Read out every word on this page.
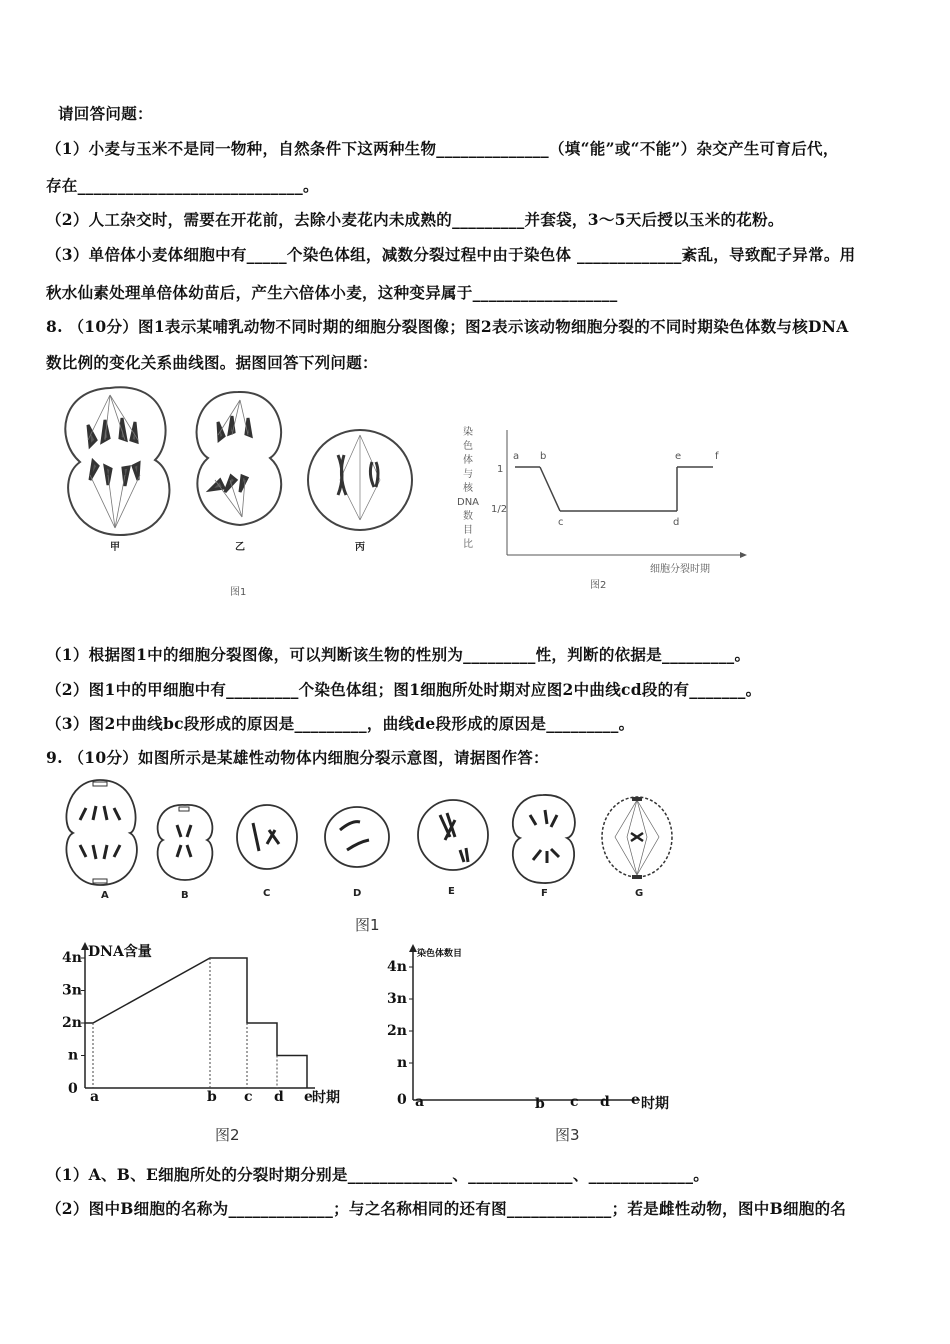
请回答问题：
（1）小麦与玉米不是同一物种，自然条件下这两种生物______________（填“能”或“不能”）杂交产生可育后代，
存在____________________________。
（2）人工杂交时，需要在开花前，去除小麦花内未成熟的_________并套袋，3～5天后授以玉米的花粉。
（3）单倍体小麦体细胞中有_____个染色体组，减数分裂过程中由于染色体 _____________紊乱，导致配子异常。用
秋水仙素处理单倍体幼苗后，产生六倍体小麦，这种变异属于__________________
8. （10分）图1表示某哺乳动物不同时期的细胞分裂图像；图2表示该动物细胞分裂的不同时期染色体数与核DNA
数比例的变化关系曲线图。据图回答下列问题：
甲	乙	丙
图1
染
色
体
与
核
DNA
数
目
比
1
1/2
a b
c	d
e	f
细胞分裂时期
图2
（1）根据图1中的细胞分裂图像，可以判断该生物的性别为_________性，判断的依据是_________。
（2）图1中的甲细胞中有_________个染色体组；图1细胞所处时期对应图2中曲线cd段的有_______。
（3）图2中曲线bc段形成的原因是_________，曲线de段形成的原因是_________。
9. （10分）如图所示是某雄性动物体内细胞分裂示意图，请据图作答：
A	B	C	D	E	F	G
图1
DNA含量
4n
3n
2n
n
0 a	b c d e 时期
图2
染色体数目
4n
3n
2n
n
0 a	b c d e 时期
图3
（1）A、B、E细胞所处的分裂时期分别是_____________、_____________、_____________。
（2）图中B细胞的名称为_____________；与之名称相同的还有图_____________；若是雌性动物，图中B细胞的名
